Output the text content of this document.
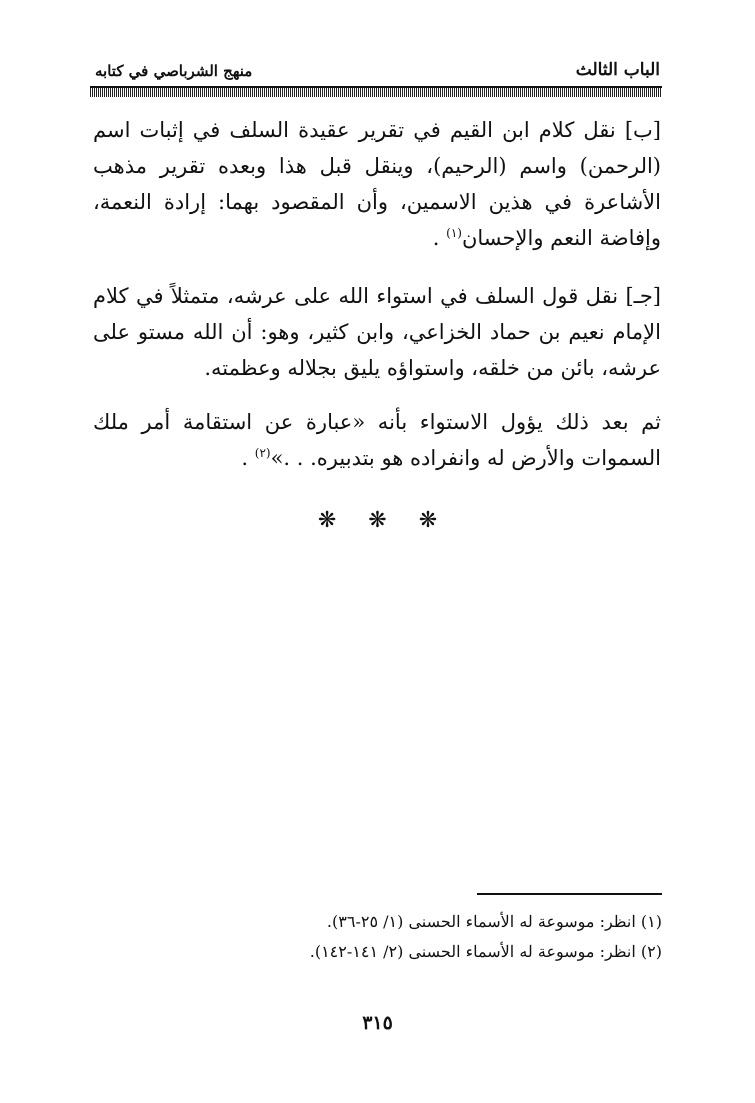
الباب الثالث
منهج الشرباصي في كتابه

[ب] نقل كلام ابن القيم في تقرير عقيدة السلف في إثبات اسم (الرحمن) واسم (الرحيم)، وينقل قبل هذا وبعده تقرير مذهب الأشاعرة في هذين الاسمين، وأن المقصود بهما: إرادة النعمة، وإفاضة النعم والإحسان$^{(١)}$ .

[جـ] نقل قول السلف في استواء الله على عرشه، متمثلاً في كلام الإمام نعيم بن حماد الخزاعي، وابن كثير، وهو: أن الله مستو على عرشه، بائن من خلقه، واستواؤه يليق بجلاله وعظمته.

ثم بعد ذلك يؤول الاستواء بأنه «عبارة عن استقامة أمر ملك السموات والأرض له وانفراده هو بتدبيره. . .»$^{(٢)}$ .

❋ ❋ ❋

(١) انظر: موسوعة له الأسماء الحسنى (١/ ٢٥-٣٦).

(٢) انظر: موسوعة له الأسماء الحسنى (٢/ ١٤١-١٤٢).

٣١٥
